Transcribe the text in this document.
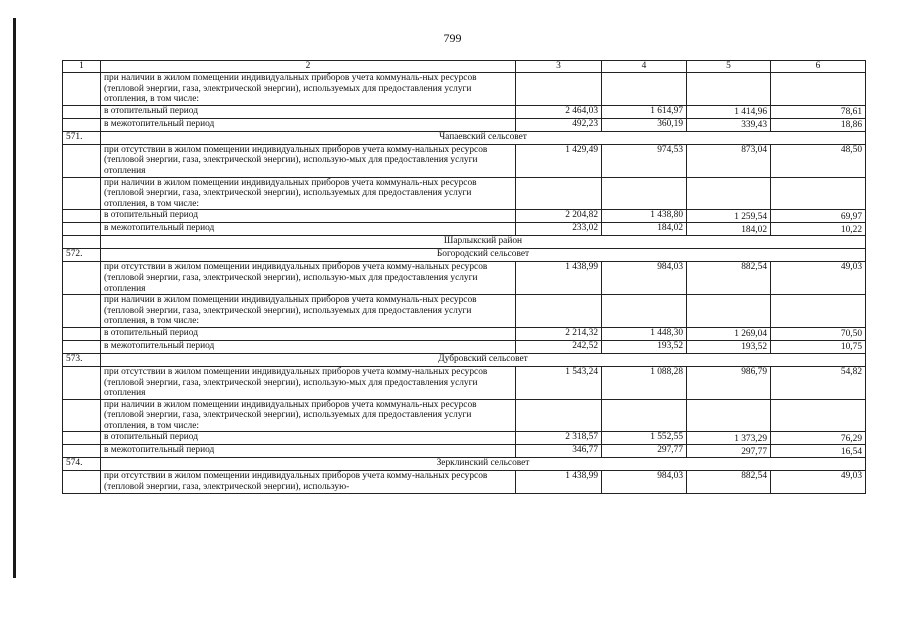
799
1	2	3	4	5	6
	при наличии в жилом помещении индивидуальных приборов учета коммуналь-ных ресурсов (тепловой энергии, газа, электрической энергии), используемых для предоставления услуги отопления, в том числе:				
	в отопительный период	2 464,03	1 614,97	1 414,96	78,61
	в межотопительный период	492,23	360,19	339,43	18,86
571.	Чапаевский сельсовет				
	при отсутствии в жилом помещении индивидуальных приборов учета комму-нальных ресурсов (тепловой энергии, газа, электрической энергии), использую-мых для предоставления услуги отопления	1 429,49	974,53	873,04	48,50
	при наличии в жилом помещении индивидуальных приборов учета коммуналь-ных ресурсов (тепловой энергии, газа, электрической энергии), используемых для предоставления услуги отопления, в том числе:				
	в отопительный период	2 204,82	1 438,80	1 259,54	69,97
	в межотопительный период	233,02	184,02	184,02	10,22
	Шарлыкский район				
572.	Богородский сельсовет				
	при отсутствии в жилом помещении индивидуальных приборов учета комму-нальных ресурсов (тепловой энергии, газа, электрической энергии), использую-мых для предоставления услуги отопления	1 438,99	984,03	882,54	49,03
	при наличии в жилом помещении индивидуальных приборов учета коммуналь-ных ресурсов (тепловой энергии, газа, электрической энергии), используемых для предоставления услуги отопления, в том числе:				
	в отопительный период	2 214,32	1 448,30	1 269,04	70,50
	в межотопительный период	242,52	193,52	193,52	10,75
573.	Дубровский сельсовет				
	при отсутствии в жилом помещении индивидуальных приборов учета комму-нальных ресурсов (тепловой энергии, газа, электрической энергии), использую-мых для предоставления услуги отопления	1 543,24	1 088,28	986,79	54,82
	при наличии в жилом помещении индивидуальных приборов учета коммуналь-ных ресурсов (тепловой энергии, газа, электрической энергии), используемых для предоставления услуги отопления, в том числе:				
	в отопительный период	2 318,57	1 552,55	1 373,29	76,29
	в межотопительный период	346,77	297,77	297,77	16,54
574.	Зерклинский сельсовет				
	при отсутствии в жилом помещении индивидуальных приборов учета комму-нальных ресурсов (тепловой энергии, газа, электрической энергии), использую-	1 438,99	984,03	882,54	49,03
